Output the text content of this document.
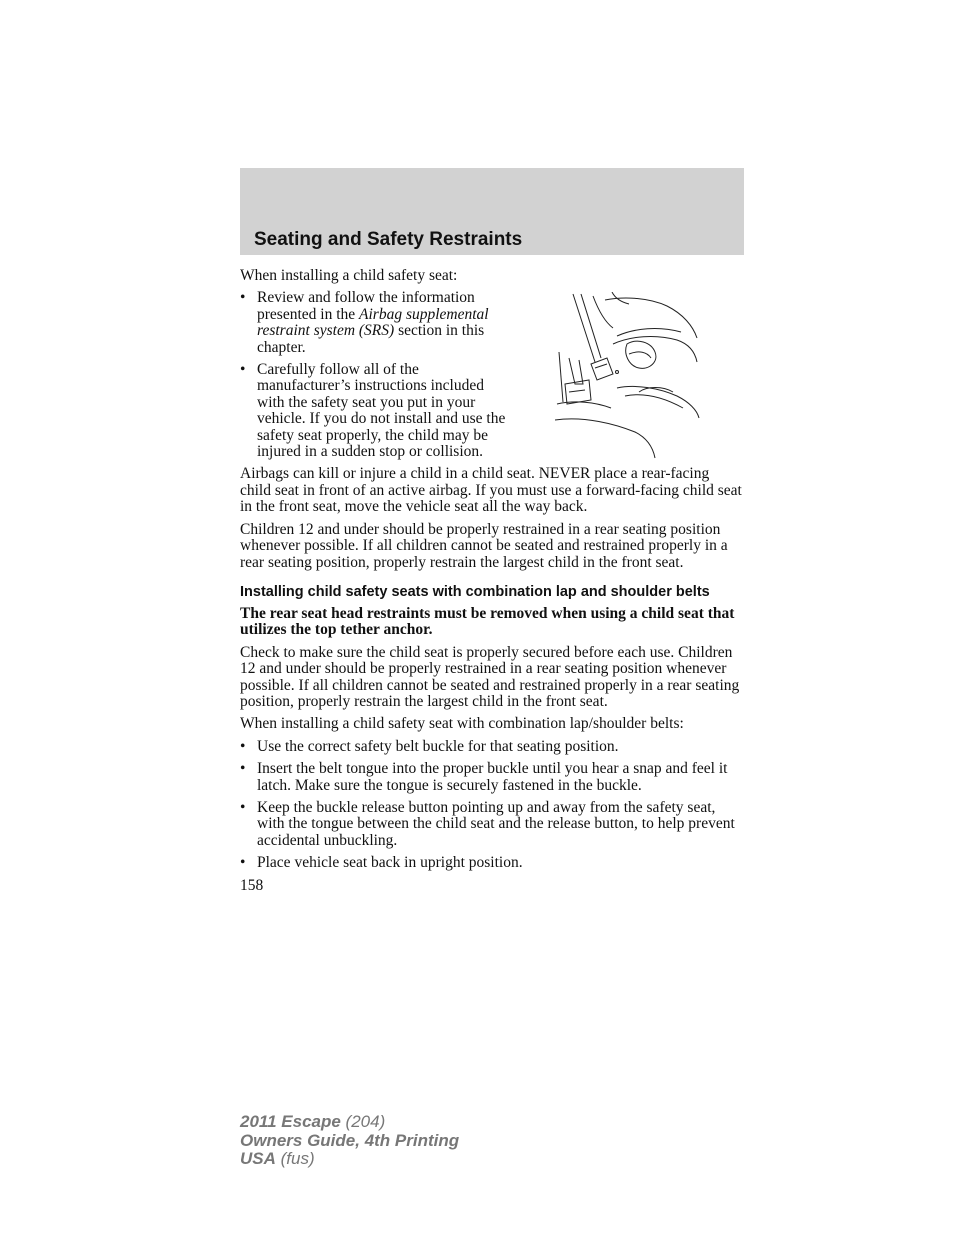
Seating and Safety Restraints

When installing a child safety seat:

• Review and follow the information presented in the Airbag supplemental restraint system (SRS) section in this chapter.
• Carefully follow all of the manufacturer’s instructions included with the safety seat you put in your vehicle. If you do not install and use the safety seat properly, the child may be injured in a sudden stop or collision.

Airbags can kill or injure a child in a child seat. NEVER place a rear-facing child seat in front of an active airbag. If you must use a forward-facing child seat in the front seat, move the vehicle seat all the way back.

Children 12 and under should be properly restrained in a rear seating position whenever possible. If all children cannot be seated and restrained properly in a rear seating position, properly restrain the largest child in the front seat.

Installing child safety seats with combination lap and shoulder belts
The rear seat head restraints must be removed when using a child seat that utilizes the top tether anchor.

Check to make sure the child seat is properly secured before each use. Children 12 and under should be properly restrained in a rear seating position whenever possible. If all children cannot be seated and restrained properly in a rear seating position, properly restrain the largest child in the front seat.

When installing a child safety seat with combination lap/shoulder belts:

• Use the correct safety belt buckle for that seating position.
• Insert the belt tongue into the proper buckle until you hear a snap and feel it latch. Make sure the tongue is securely fastened in the buckle.
• Keep the buckle release button pointing up and away from the safety seat, with the tongue between the child seat and the release button, to help prevent accidental unbuckling.
• Place vehicle seat back in upright position.
158
2011 Escape (204)
Owners Guide, 4th Printing
USA (fus)
